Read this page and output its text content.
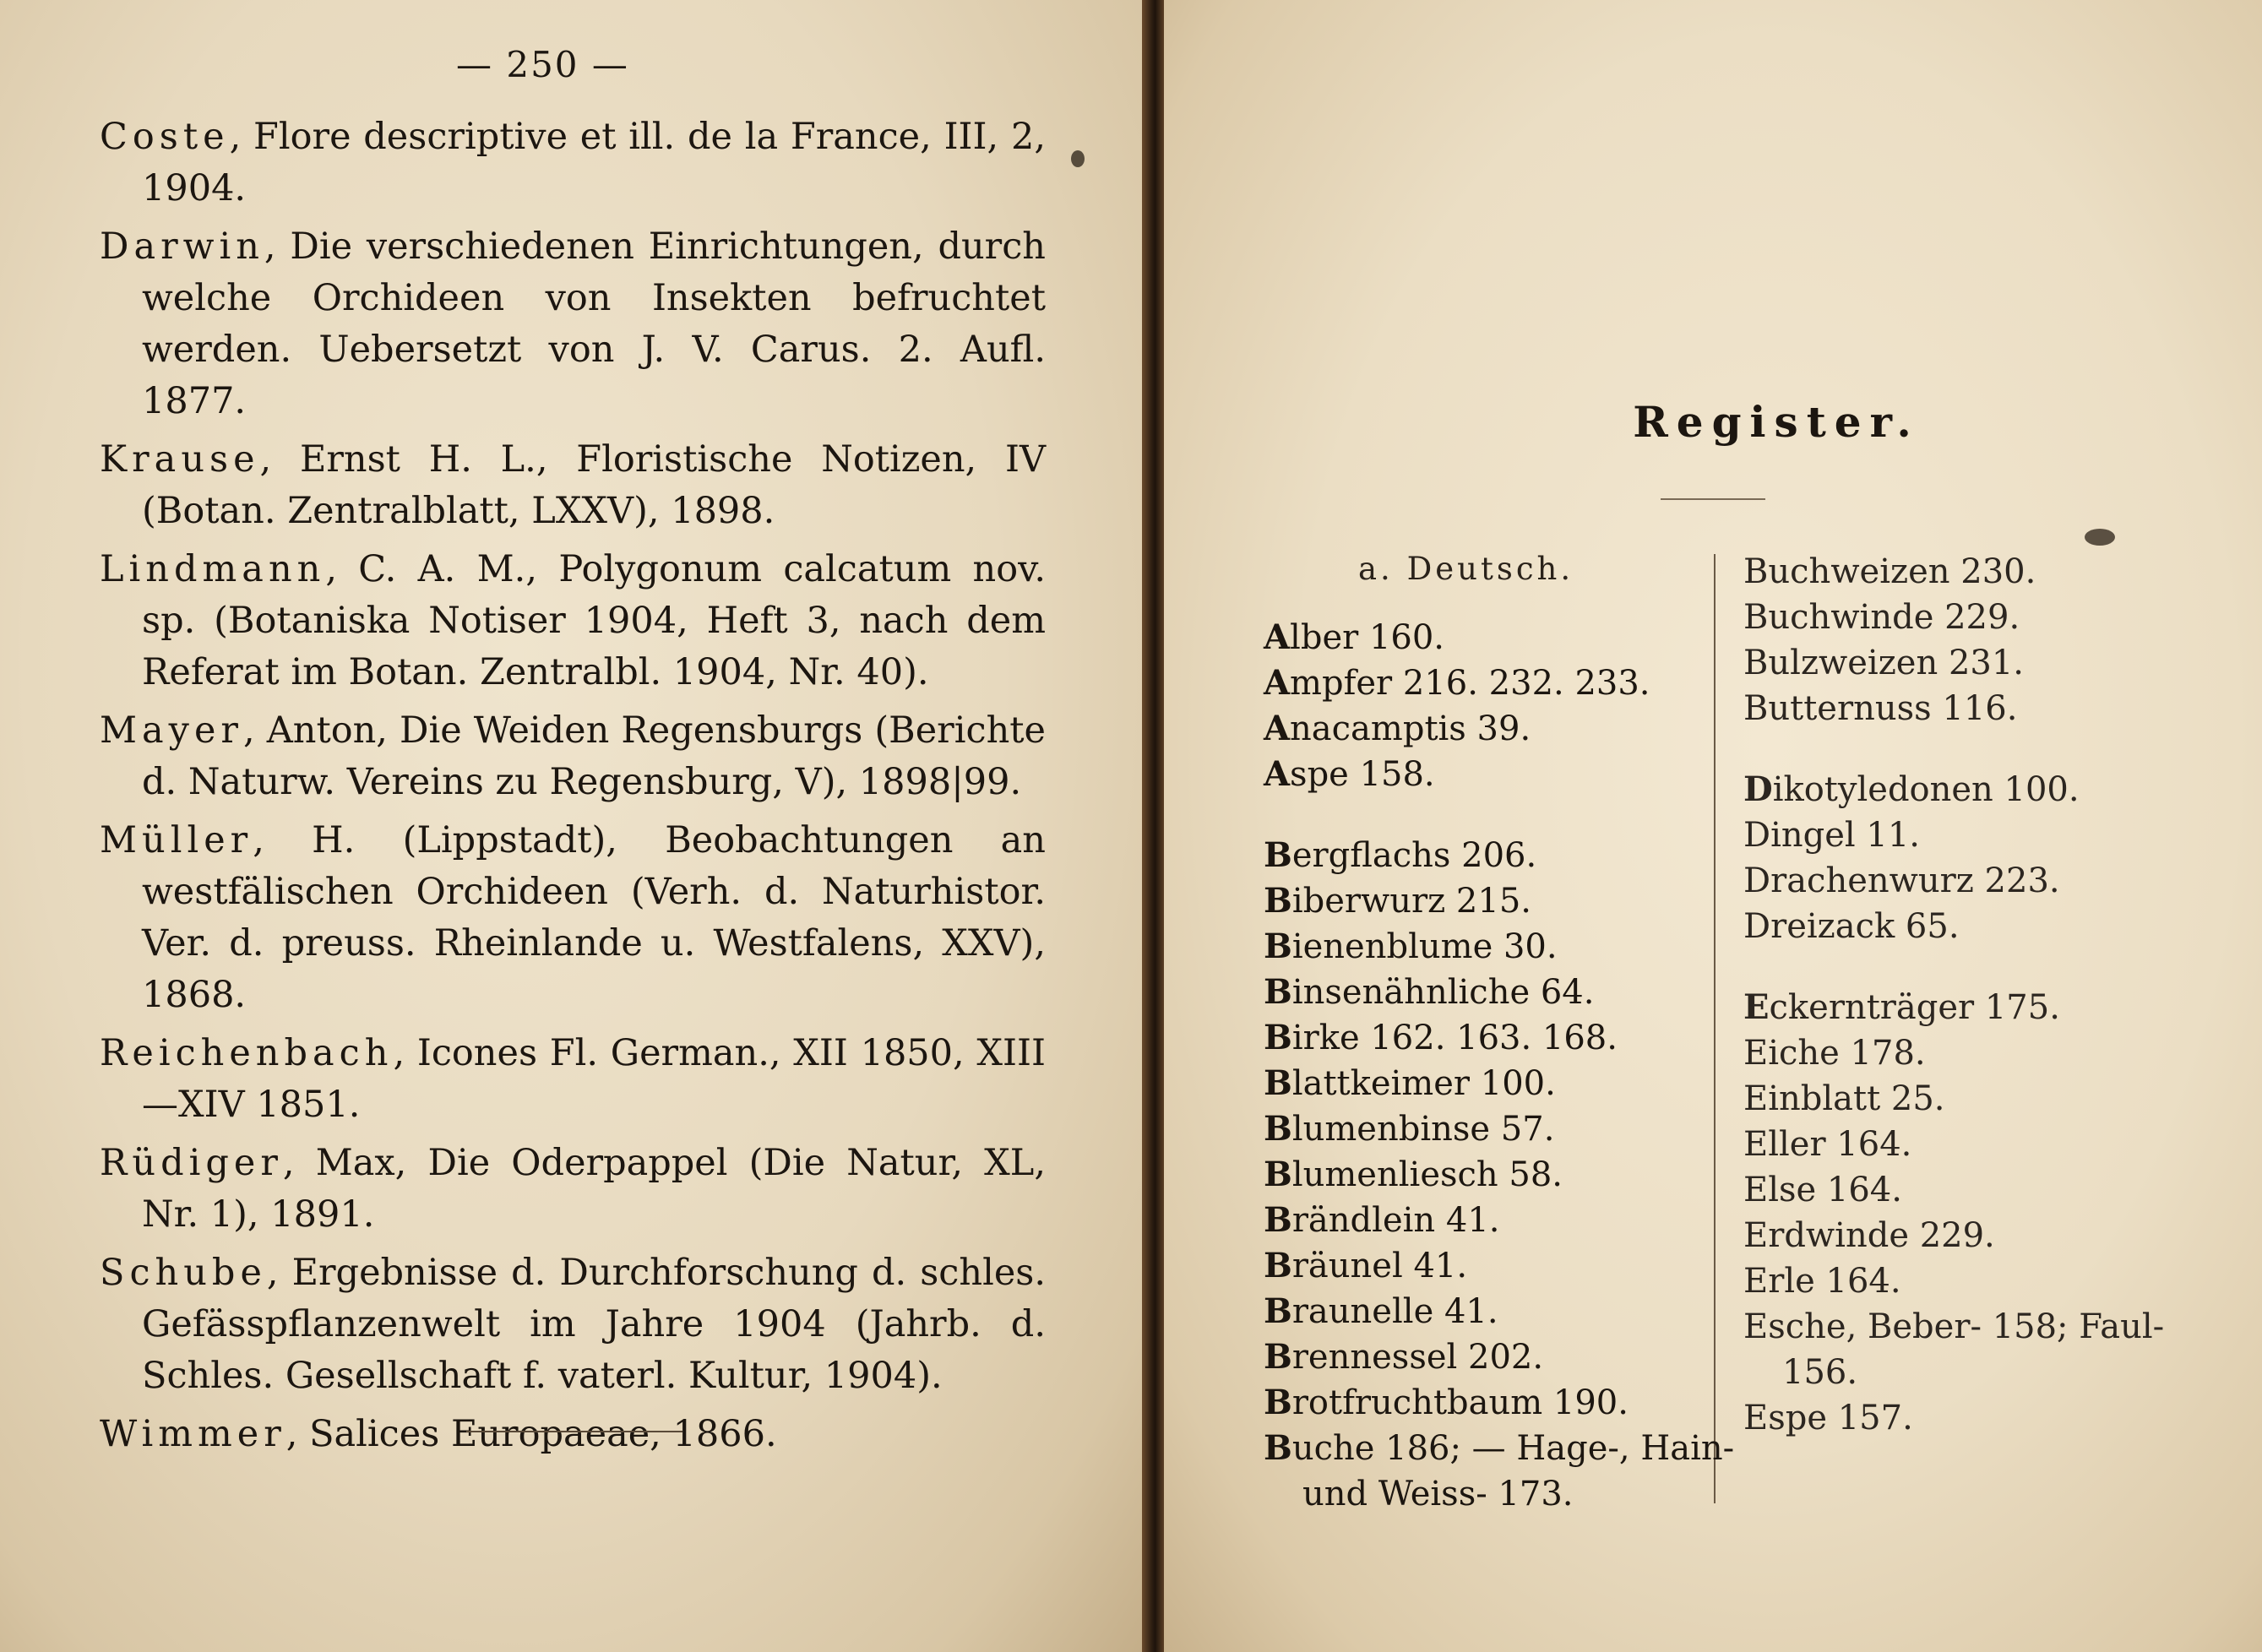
— 250 —
Coste, Flore descriptive et ill. de la France, III, 2, 1904.
Darwin, Die verschiedenen Einrichtungen, durch welche Orchideen von Insekten befruchtet werden. Uebersetzt von J. V. Carus. 2. Aufl. 1877.
Krause, Ernst H. L., Floristische Notizen, IV (Botan. Zentralblatt, LXXV), 1898.
Lindmann, C. A. M., Polygonum calcatum nov. sp. (Botaniska Notiser 1904, Heft 3, nach dem Referat im Botan. Zentralbl. 1904, Nr. 40).
Mayer, Anton, Die Weiden Regensburgs (Berichte d. Naturw. Vereins zu Regensburg, V), 1898|99.
Müller, H. (Lippstadt), Beobachtungen an westfälischen Orchideen (Verh. d. Naturhistor. Ver. d. preuss. Rheinlande u. Westfalens, XXV), 1868.
Reichenbach, Icones Fl. German., XII 1850, XIII—XIV 1851.
Rüdiger, Max, Die Oderpappel (Die Natur, XL, Nr. 1), 1891.
Schube, Ergebnisse d. Durchforschung d. schles. Gefässpflanzenwelt im Jahre 1904 (Jahrb. d. Schles. Gesellschaft f. vaterl. Kultur, 1904).
Wimmer, Salices Europaeae, 1866.
Register.
a. Deutsch.
Alber 160.
Ampfer 216. 232. 233.
Anacamptis 39.
Aspe 158.
Bergflachs 206.
Biberwurz 215.
Bienenblume 30.
Binsenähnliche 64.
Birke 162. 163. 168.
Blattkeimer 100.
Blumenbinse 57.
Blumenliesch 58.
Brändlein 41.
Bräunel 41.
Braunelle 41.
Brennessel 202.
Brotfruchtbaum 190.
Buche 186; — Hage-, Hain-
und Weiss- 173.
Buchweizen 230.
Buchwinde 229.
Bulzweizen 231.
Butternuss 116.
Dikotyledonen 100.
Dingel 11.
Drachenwurz 223.
Dreizack 65.
Eckernträger 175.
Eiche 178.
Einblatt 25.
Eller 164.
Else 164.
Erdwinde 229.
Erle 164.
Esche, Beber- 158; Faul-
156.
Espe 157.
